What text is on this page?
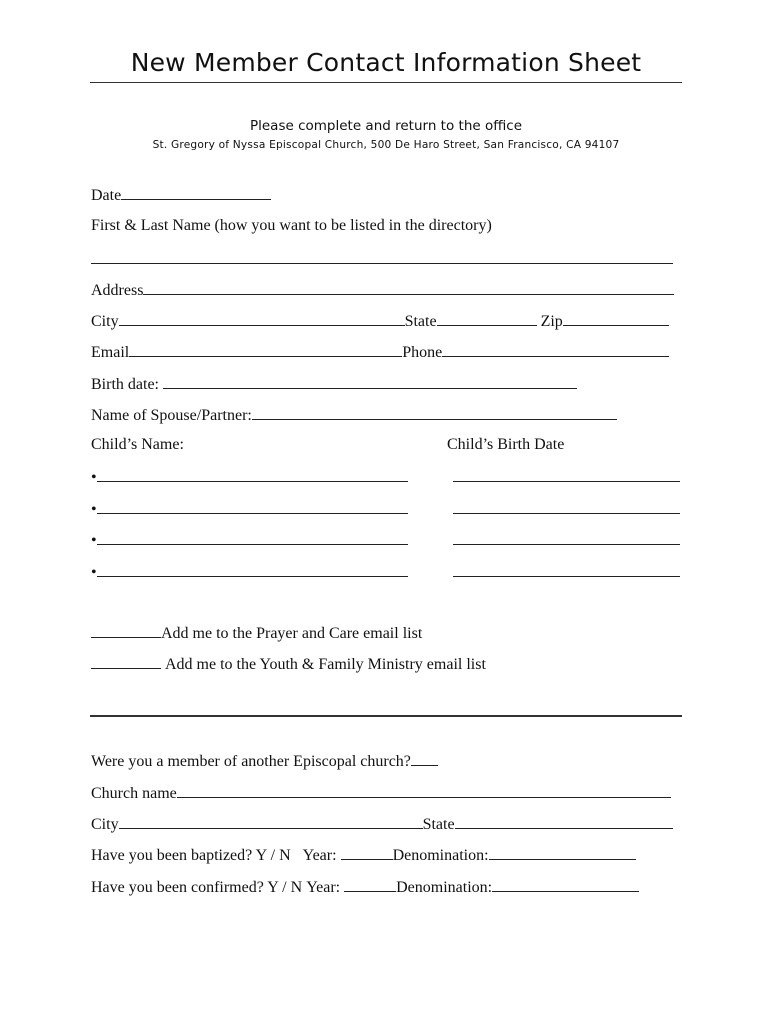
New Member Contact Information Sheet
Please complete and return to the office
St. Gregory of Nyssa Episcopal Church, 500 De Haro Street, San Francisco, CA 94107
Date
First & Last Name (how you want to be listed in the directory)
Address
City	State	Zip
Email	Phone
Birth date:
Name of Spouse/Partner:
Child’s Name:	Child’s Birth Date
•
•
•
•
Add me to the Prayer and Care email list
Add me to the Youth & Family Ministry email list
Were you a member of another Episcopal church?
Church name
City	State
Have you been baptized? Y / N Year:	Denomination:
Have you been confirmed? Y / N Year:	Denomination:
